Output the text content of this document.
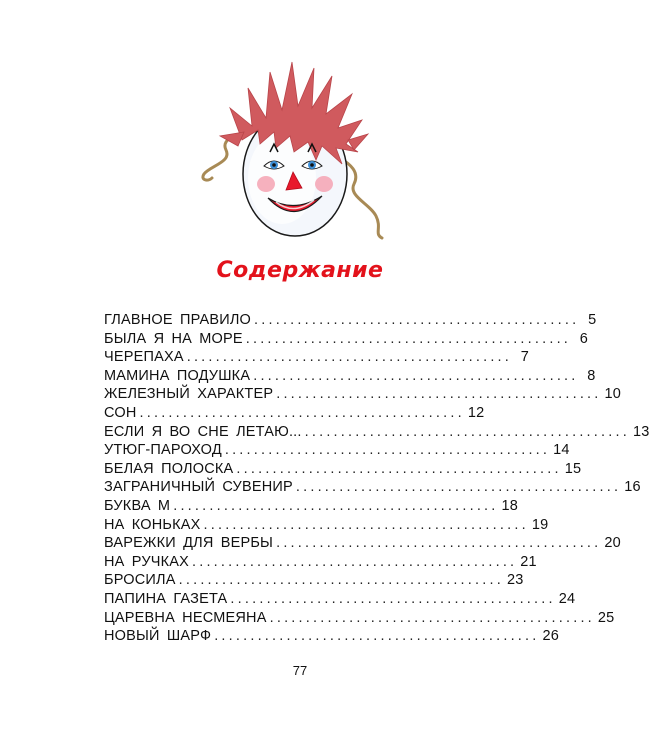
Содержание
ГЛАВНОЕ ПРАВИЛО ............................................. 5
БЫЛА Я НА МОРЕ ............................................. 6
ЧЕРЕПАХА ............................................. 7
МАМИНА ПОДУШКА ............................................. 8
ЖЕЛЕЗНЫЙ ХАРАКТЕР ............................................. 10
СОН ............................................. 12
ЕСЛИ Я ВО СНЕ ЛЕТАЮ... ............................................. 13
УТЮГ-ПАРОХОД ............................................. 14
БЕЛАЯ ПОЛОСКА ............................................. 15
ЗАГРАНИЧНЫЙ СУВЕНИР ............................................. 16
БУКВА М ............................................. 18
НА КОНЬКАХ ............................................. 19
ВАРЕЖКИ ДЛЯ ВЕРБЫ ............................................. 20
НА РУЧКАХ ............................................. 21
БРОСИЛА ............................................. 23
ПАПИНА ГАЗЕТА ............................................. 24
ЦАРЕВНА НЕСМЕЯНА ............................................. 25
НОВЫЙ ШАРФ ............................................. 26
77
